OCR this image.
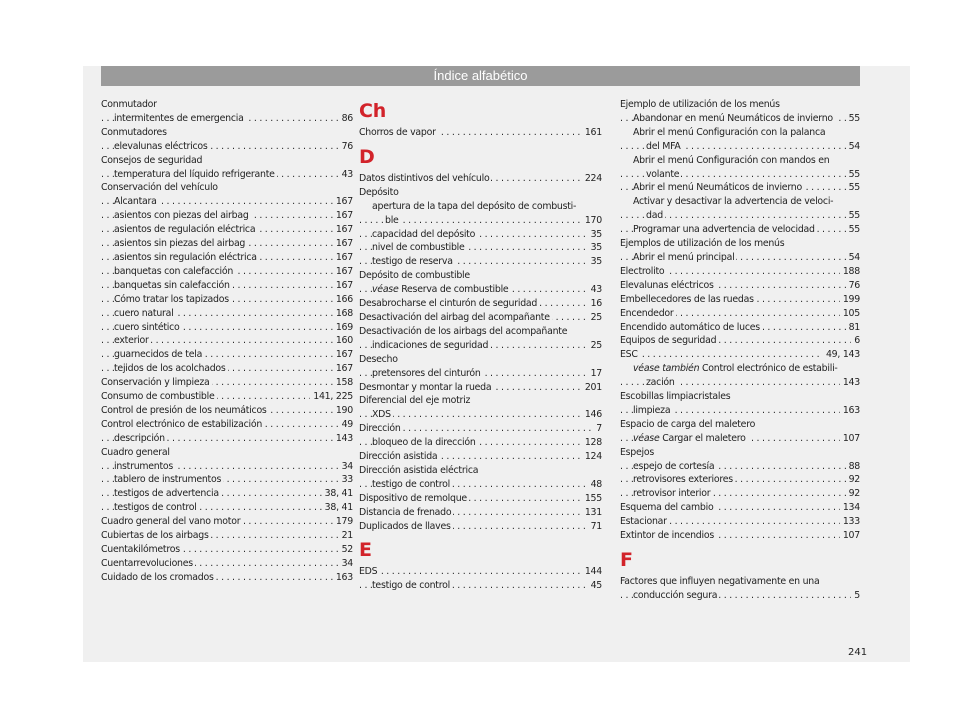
Índice alfabético
Conmutador
intermitentes de emergencia	86
. . .
Conmutadores
elevalunas eléctricos	76
. . .
Consejos de seguridad
temperatura del líquido refrigerante	43
. . .
Conservación del vehículo
Alcantara	167
. . .
asientos con piezas del airbag	167
. . .
asientos de regulación eléctrica	167
. . .
asientos sin piezas del airbag	167
. . .
asientos sin regulación eléctrica	167
. . .
banquetas con calefacción	167
. . .
banquetas sin calefacción	167
. . .
Cómo tratar los tapizados	166
. . .
cuero natural	168
. . .
cuero sintético	169
. . .
exterior	160
. . .
guarnecidos de tela	167
. . .
tejidos de los acolchados	167
. . .
Conservación y limpieza	158
. . .
Consumo de combustible	141, 225
. . .
Control de presión de los neumáticos	190
. . .
Control electrónico de estabilización	49
. . .
descripción	143
. . .
Cuadro general
instrumentos	34
. . .
tablero de instrumentos	33
. . .
testigos de advertencia	38, 41
. . .
testigos de control	38, 41
. . .
Cuadro general del vano motor	179
. . .
Cubiertas de los airbags	21
. . .
Cuentakilómetros	52
. . .
Cuentarrevoluciones	34
. . .
Cuidado de los cromados	163
. . .
Ch
Chorros de vapor	161
. . .
D
Datos distintivos del vehículo	224
. . .
Depósito
apertura de la tapa del depósito de combusti-
ble	170
. . .
capacidad del depósito	35
. . .
nivel de combustible	35
. . .
testigo de reserva	35
. . .
Depósito de combustible
véase Reserva de combustible	43
. . .
Desabrocharse el cinturón de seguridad	16
. . .
Desactivación del airbag del acompañante	25
. . .
Desactivación de los airbags del acompañante
indicaciones de seguridad	25
. . .
Desecho
pretensores del cinturón	17
. . .
Desmontar y montar la rueda	201
. . .
Diferencial del eje motriz
XDS	146
. . .
Dirección	7
. . .
bloqueo de la dirección	128
. . .
Dirección asistida	124
. . .
Dirección asistida eléctrica
testigo de control	48
. . .
Dispositivo de remolque	155
. . .
Distancia de frenado	131
. . .
Duplicados de llaves	71
. . .
E
EDS	144
. . .
testigo de control	45
. . .
Ejemplo de utilización de los menús
Abandonar en menú Neumáticos de invierno	55
. . .
Abrir el menú Configuración con la palanca
del MFA	54
. . .
Abrir el menú Configuración con mandos en
volante	55
. . .
Abrir el menú Neumáticos de invierno	55
. . .
Activar y desactivar la advertencia de veloci-
dad	55
. . .
Programar una advertencia de velocidad	55
. . .
Ejemplos de utilización de los menús
Abrir el menú principal	54
. . .
Electrolito	188
. . .
Elevalunas eléctricos	76
. . .
Embellecedores de las ruedas	199
. . .
Encendedor	105
. . .
Encendido automático de luces	81
. . .
Equipos de seguridad	6
. . .
ESC	49, 143
. . .
véase también Control electrónico de estabili-
zación	143
. . .
Escobillas limpiacristales
limpieza	163
. . .
Espacio de carga del maletero
véase Cargar el maletero	107
. . .
Espejos
espejo de cortesía	88
. . .
retrovisores exteriores	92
. . .
retrovisor interior	92
. . .
Esquema del cambio	134
. . .
Estacionar	133
. . .
Extintor de incendios	107
. . .
F
Factores que influyen negativamente en una
conducción segura	5
. . .
241
